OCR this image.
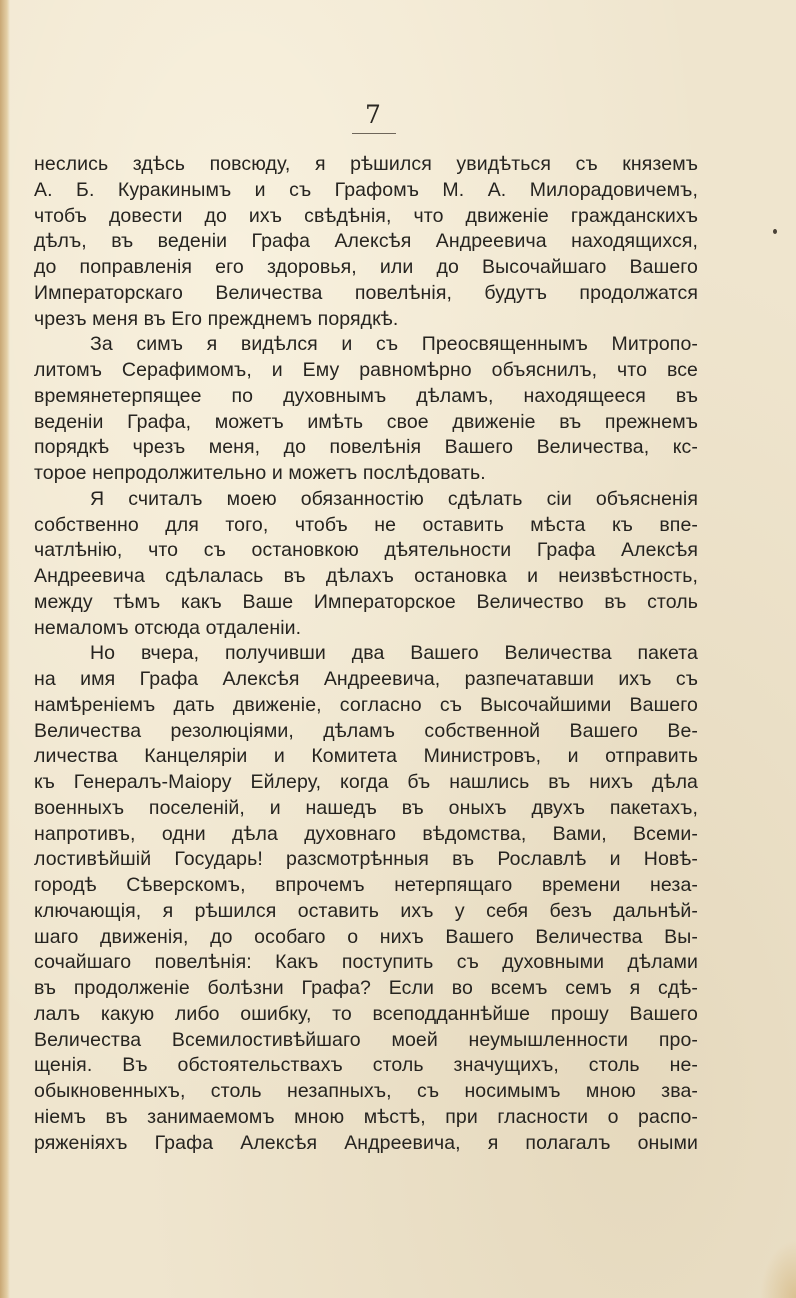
7
неслись здѣсь повсюду, я рѣшился увидѣться съ княземъ
А. Б. Куракинымъ и съ Графомъ М. А. Милорадовичемъ,
чтобъ довести до ихъ свѣдѣнія, что движеніе гражданскихъ
дѣлъ, въ веденіи Графа Алексѣя Андреевича находящихся,
до поправленія его здоровья, или до Высочайшаго Вашего
Императорскаго Величества повелѣнія, будутъ продолжатся
чрезъ меня въ Его прежднемъ порядкѣ.
За симъ я видѣлся и съ Преосвященнымъ Митропо-
литомъ Серафимомъ, и Ему равномѣрно объяснилъ, что все
времянетерпящее по духовнымъ дѣламъ, находящееся въ
веденіи Графа, можетъ имѣть свое движеніе въ прежнемъ
порядкѣ чрезъ меня, до повелѣнія Вашего Величества, кс-
торое непродолжительно и можетъ послѣдовать.
Я считалъ моею обязанностію сдѣлать сіи объясненія
собственно для того, чтобъ не оставить мѣста къ впе-
чатлѣнію, что съ остановкою дѣятельности Графа Алексѣя
Андреевича сдѣлалась въ дѣлахъ остановка и неизвѣстность,
между тѣмъ какъ Ваше Императорское Величество въ столь
немаломъ отсюда отдаленіи.
Но вчера, получивши два Вашего Величества пакета
на имя Графа Алексѣя Андреевича, разпечатавши ихъ съ
намѣреніемъ дать движеніе, согласно съ Высочайшими Вашего
Величества резолюціями, дѣламъ собственной Вашего Ве-
личества Канцеляріи и Комитета Министровъ, и отправить
къ Генералъ-Маіору Ейлеру, когда бъ нашлись въ нихъ дѣла
военныхъ поселеній, и нашедъ въ оныхъ двухъ пакетахъ,
напротивъ, одни дѣла духовнаго вѣдомства, Вами, Всеми-
лостивѣйшій Государь! разсмотрѣнныя въ Рославлѣ и Новѣ-
городѣ Сѣверскомъ, впрочемъ нетерпящаго времени неза-
ключающія, я рѣшился оставить ихъ у себя безъ дальнѣй-
шаго движенія, до особаго о нихъ Вашего Величества Вы-
сочайшаго повелѣнія: Какъ поступить съ духовными дѣлами
въ продолженіе болѣзни Графа? Если во всемъ семъ я сдѣ-
лалъ какую либо ошибку, то всеподданнѣйше прошу Вашего
Величества Всемилостивѣйшаго моей неумышленности про-
щенія. Въ обстоятельствахъ столь значущихъ, столь не-
обыкновенныхъ, столь незапныхъ, съ носимымъ мною зва-
ніемъ въ занимаемомъ мною мѣстѣ, при гласности о распо-
ряженіяхъ Графа Алексѣя Андреевича, я полагалъ оными
